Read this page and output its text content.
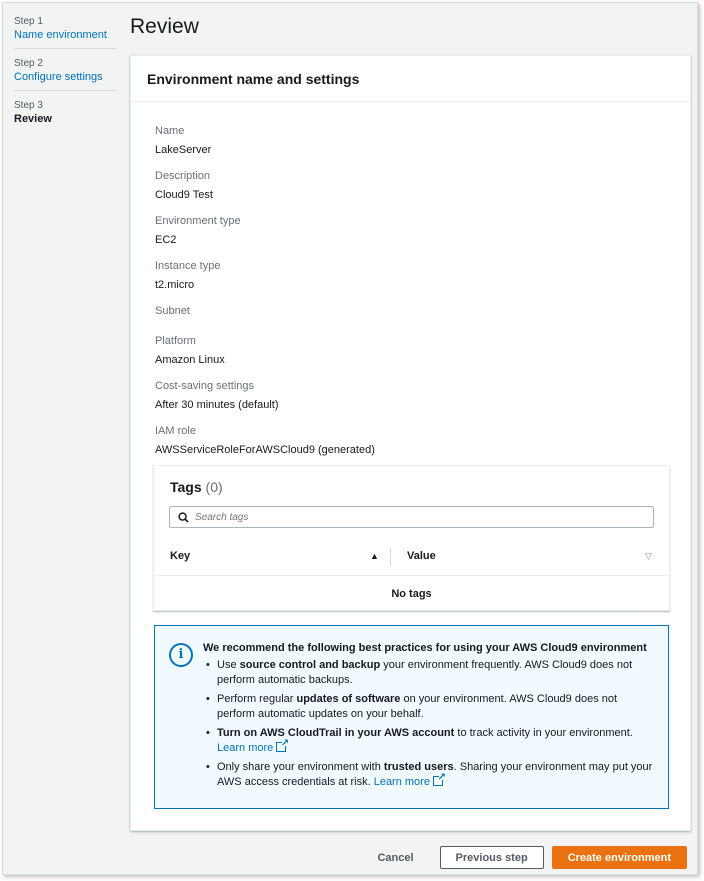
Step 1
Name environment
Step 2
Configure settings
Step 3
Review
Review
Environment name and settings
Name
LakeServer
Description
Cloud9 Test
Environment type
EC2
Instance type
t2.micro
Subnet
Platform
Amazon Linux
Cost-saving settings
After 30 minutes (default)
IAM role
AWSServiceRoleForAWSCloud9 (generated)
Tags (0)
Search tags
Key	▲	Value	▽
No tags
i	We recommend the following best practices for using your AWS Cloud9 environment
• Use source control and backup your environment frequently. AWS Cloud9 does not perform automatic backups.
• Perform regular updates of software on your environment. AWS Cloud9 does not perform automatic updates on your behalf.
• Turn on AWS CloudTrail in your AWS account to track activity in your environment. Learn more↗
• Only share your environment with trusted users. Sharing your environment may put your AWS access credentials at risk. Learn more↗
Cancel	Previous step	Create environment
